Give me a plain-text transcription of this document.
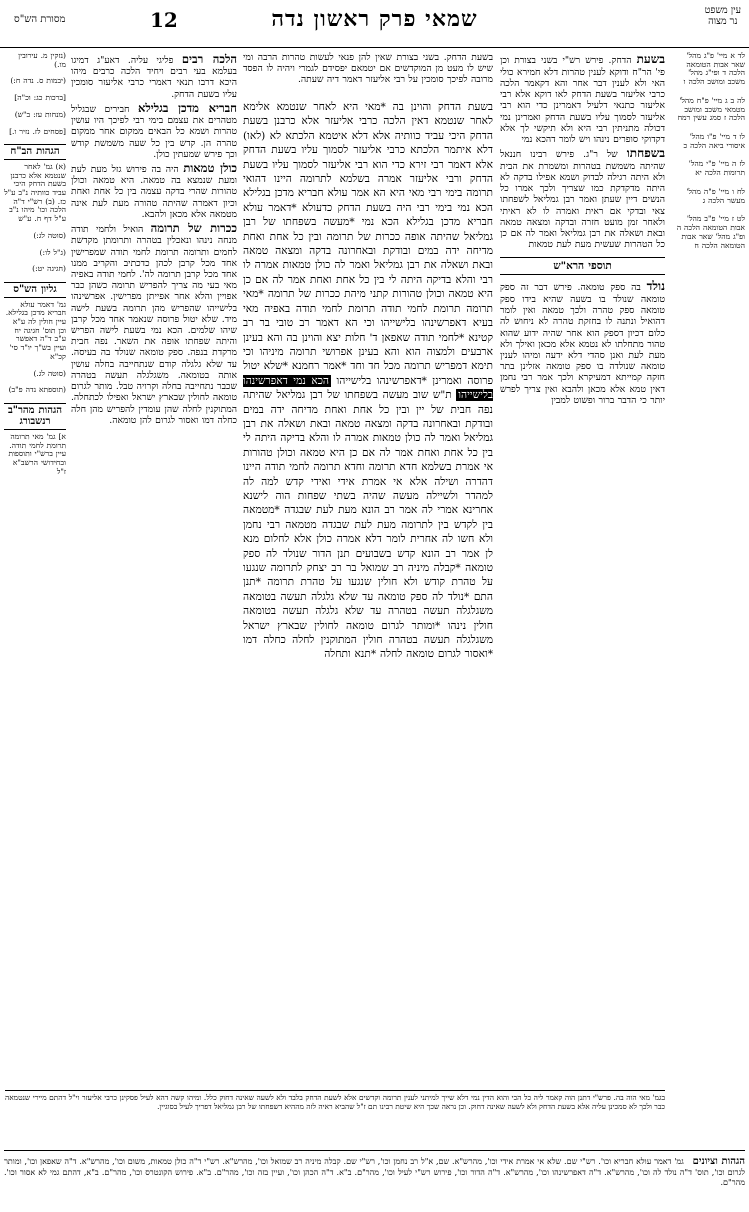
עין משפט
נר מצוה
שמאי פרק ראשון נדה
12
מסורת הש"ס
לד א מיי' פ"ג מהל' שאר אבות הטומאה הלכה ד ופי"ג מהל' משכב ומושב הלכה ו
לה ב ג מיי' פ"ח מהל' מטמאי משכב ומושב הלכה ז סמג עשין רמח
לו ד מיי' פ"ו מהל' איסורי ביאה הלכה כ
לז ה מיי' פ"י מהל' תרומות הלכה יא
לח ו מיי' פ"ה מהל' מעשר הלכה ג
לט ז מיי' פ"ב מהל' אבות הטומאה הלכה ה ופ"ג מהל' שאר אבות הטומאה הלכה ח

בשעת הדחק. פירש רש"י בשני בצורת וכן פי' הר"ח ודוקא לענין טהרות דלא חמירא כולי האי ולא לענין דבר אחר והא דקאמר הלכה כרבי אליעזר בשעת הדחק לאו דוקא אלא רבי אליעזר כתנאי דלעיל דאמרינן כדי הוא רבי אליעזר לסמוך עליו בשעת הדחק ואמרינן נמי דכולה מתניתין רבי היא ולא תיקשי לך אלא דקדוקי סופרים נינהו ויש לומר דהכא נמי

בשפחתו של ר"ג. פירש רבינו חננאל שהיתה משמשת בטהרות ומשמרת את הבית ולא היתה רגילה לבדוק ושמא אפילו בדקה לא היתה מדקדקת כמו שצריך ולכך אמרו כל הנשים דיין שעתן ואמר רבן גמליאל לשפחתו צאי ובדקי אם ראית ואמרה לו לא ראיתי ולאחר זמן מועט חזרה ובדקה ומצאה טמאה ובאת ושאלה את רבן גמליאל ואמר לה אם כן כל הטהרות שעשית מעת לעת טמאות

תוספי הרא"ש

נולד בה ספק טומאה. פירש דבר זה ספק טומאה שנולד בו בשעה שהיא בידו ספק טומאה ספק טהרה ולכך טמאה ואין לומר דהואיל ונתנה לו בחזקת טהרה לא ניחוש לה כלום דכיון דספק הוא אחר שהיה ידוע שהוא טהור מתחלתו לא נטמא אלא מכאן ואילך ולא מעת לעת ואנן סהדי דלא ידעה ומיהו לענין טומאה שנולדה בו ספק טומאה אזלינן בתר חזקה קמייתא דמעיקרא ולכך אמר רבי נחמן דאין טמא אלא מכאן ולהבא ואין צריך לפרש יותר כי הדבר ברור ופשוט למבין

בשעת הדחק. בשני בצורת שאין להן פנאי לעשות טהרות הרבה ומי שיש לו מעט מן המוקדשים אם יטמאם יפסידם לגמרי ויהיה לו הפסד מרובה לפיכך סומכין על רבי אליעזר דאמר דיה שעתה.
בשעת הדחק והוינן בה *מאי היא לאחר שנטמא אלימא לאחר שנטמא דאין הלכה כרבי אליעזר אלא כרבנן בשעת הדחק היכי עביד כוותיה אלא דלא איטמא הלכתא לא (לאו) דלא איתמר הלכתא כרבי אליעזר לסמוך עליו בשעת הדחק אלא דאמר רבי זירא כדי הוא רבי אליעזר לסמוך עליו בשעת הדחק ורבי אליעזר אמרה בשלמא לתרומה היינו דהואי תרומה בימי רבי מאי היא הא אמר עולא חבריא מדכן בגלילא הכא נמי בימי רבי היה בשעת הדחק כדעולא *דאמר עולא חבריא מדכן בגלילא הכא נמי *מעשה בשפחתו של רבן גמליאל שהיתה אופה ככרות של תרומה ובין כל אחת ואחת מדיחה ידה במים ובודקת ובאחרונה בדקה ומצאה טמאה ובאת ושאלה את רבן גמליאל ואמר לה כולן טמאות אמרה לו רבי והלא בדיקה היתה לי בין כל אחת ואחת אמר לה אם כן היא טמאה וכולן טהורות קתני מיהת ככרות של תרומה *מאי תרומה תרומת לחמי תודה תרומת לחמי תודה באפיה מאי בעיא דאפרשינהו בלישייהו וכי הא דאמר רב טובי בר רב קטינא *לחמי תודה שאפאן ד' חלות יצא והוינן בה והא בעינן ארבעים ולמצוה הוא והא בעינן אפרושי תרומה מיניהו וכי תימא דמפריש תרומה מכל חד וחד *אמר רחמנא *שלא יטול פרוסה ואמרינן *דאפרשינהו בלישייהו הכא נמי דאפרשינהו בלישייהו ת"ש שוב מעשה בשפחתו של רבן גמליאל שהיתה נפה חבית של יין ובין כל אחת ואחת מדיחה ידה במים ובודקת ובאחרונה בדקה ומצאה טמאה ובאת ושאלה את רבן גמליאל ואמר לה כולן טמאות אמרה לו והלא בדיקה היתה לי בין כל אחת ואחת אמר לה אם כן היא טמאה וכולן טהורות אי אמרת בשלמא חדא תרומה וחדא תרומה לחמי תודה היינו דהדרה ושילה אלא אי אמרת אידי ואידי קדש למה לה למהדר ולשיילה מעשה שהיה בשתי שפחות הוה לישנא אחרינא אמרי לה אמר רב הונא מעת לעת שבגדה *מטמאה בין לקדש בין לתרומה מעת לעת שבגדה מטמאה רבי נחמן ולא חשו לה אחרית לומר דלא אמרה כולן אלא לחלום מנא לן אמר רב הונא קדש בשבועים תנן הדור שנולד לה ספק טומאה *קבלה מיניה רב שמואל בר רב יצחק לתרומה שנגעו על טהרת קודש ולא חולין שנגעו על טהרת תרומה *תנן התם *נולד לה ספק טומאה עד שלא גלגלה תעשה בטומאה משגלגלה תעשה בטהרה עד שלא גלגלה תעשה בטומאה חולין נינהו *ומותר לגרום טומאה לחולין שבארץ ישראל משגלגלה תעשה בטהרה חולין המתוקנין לחלה כחלה דמו *ואסור לגרום טומאה לחלה *תנא ותחלה

הלכה רבים פליגי עליה. דאע"ג דמיגו בעלמא בעי רבים ויחיד הלכה כרבים מיהו היכא דרבו תנאי דאמרי כרבי אליעזר סומכין עליו בשעת הדחק.

חבריא מדכן בגלילא חבירים שבגליל מטהרים את עצמם בימי רבי לפיכך היו עושין טהרות ושמא כל הבאים ממקום אחר ממקום טהרה הן. קדש בין כל שעה משמשת קודש וכך פירש שמעתין כולן.

כולן טמאות היה בה פירוש גזל מעת לעת ומעת שנמצא בה טמאה. היא טמאה וכולן טהורות שהרי בדקה עצמה בין כל אחת ואחת וכיון דאמרה שהיתה טהורה מעת לעת אינה מטמאה אלא מכאן ולהבא.

ככרות של תרומה הואיל ולחמי תודה מנחה נינהו ונאכלין בטהרה ותרומתן מקדשת לחמים ותרומה תרומת לחמי תודה שמפרישין אחד מכל קרבן לכהן כדכתיב והקריב ממנו אחד מכל קרבן תרומה לה'. לחמי תודה באפיה מאי בעי מה צריך להפריש תרומה כשהן כבר אפויין והלא אחר אפייתן מפרישין. אפרשינהו בלישייהו שהפריש מהן תרומה בשעת לישה מיד. שלא יטול פרוסה שנאמר אחד מכל קרבן שיהו שלמים. הכא נמי בשעת לישה הפריש והיתה שפחתו אופה את השאר. נפה חבית מרקדת בנפה. ספק טומאה שנולד בה בעיסה. עד שלא גלגלה קודם שנתחייבה בחלה עושין אותה בטומאה. משגלגלה תעשה בטהרה שכבר נתחייבה בחלה וקרויה טבל. מותר לגרום טומאה לחולין שבארץ ישראל ואפילו לכתחלה. המתוקנין לחלה שהן עומדין להפריש מהן חלה כחלה דמו ואסור לגרום להן טומאה.

(נזקין מ. עירובין מו.)
(יבמות ס. נדה ח:)
[ברכות כג: וכ"ה]
(מנחות עז: ב"ש)
[פסחים לז. נזיר ו.]
הגהות הב"ח
(א) גמ' לאחר שנטמא אלא כרבנן בשעת הדחק היכי עביד כוותיה נ"ב ע"ל כז. (ב) רש"י ד"ה הלכה וכו' מיהו נ"ב ע"ל דף ח. ע"ש
(סוטה לג:)
(ג"ל לו:)
(חגיגה יט:)
גליון הש"ס
גמ' דאמר עולא חבריא מדכן בגלילא. עיין חולין לה ע"א וכן תוס' חגיגה יח ע"ב ד"ה דאפשר ועיין בש"ך יו"ד סי' קכ"א
(סוטה לג.)
(תוספתא נדה פ"ב)
הגהות מהר"ב רנשבורג
א] גמ' מאי תרומה תרומת לחמי תודה. עיין ברש"י ותוספות ובחידושי הרשב"א ז"ל
בגמ' מאי הוה בה. פרש"י דתנן הוה קאמר ליה כל הכי והוא הדין נמי דלא שייך למיתני לענין תרומה וקדשים אלא לשעת הדחק בלבד ולא לשעה שאינה דחוק כלל. ומיהו קשה דהא לעיל פסקינן כרבי אליעזר וי"ל דהתם מיירי שנטמאה כבר ולכך לא סמכינן עליה אלא בשעת הדחק ולא לשעה שאינה דחוק. וכן נראה שכך היא שיטת רבינו תם ז"ל שהביא ראיה לזה מההיא דשפחתו של רבן גמליאל דפריך לעיל בסוגיין.
הגהות וציונים גמ' דאמר עולא חבריא וכו'. רש"י שם. שלא אי אמרת אידי וכו', מהרש"א. שם, א"ל רב נחמן וכו', רש"י שם. קבלה מיניה רב שמואל וכו', מהרש"א. רש"י ד"ה כולן טמאות, משום וכו', מהרש"א. ד"ה שאפאן וכו', ומותר לגרום וכו', תוס' ד"ה נולד לה וכו', מהרש"א. ד"ה דאפרשינהו וכו', מהרש"א. ד"ה הדור וכו', פירוש רש"י לעיל וכו', מהר"ם. ב"א. ד"ה הכהן וכו', ועיין בזה וכו', מהר"ם. ב"א. פירוש הקונטרס וכו', מהר"ם. ב"א, דהתם גמי לא אסור וכו'. מהר"ם.
